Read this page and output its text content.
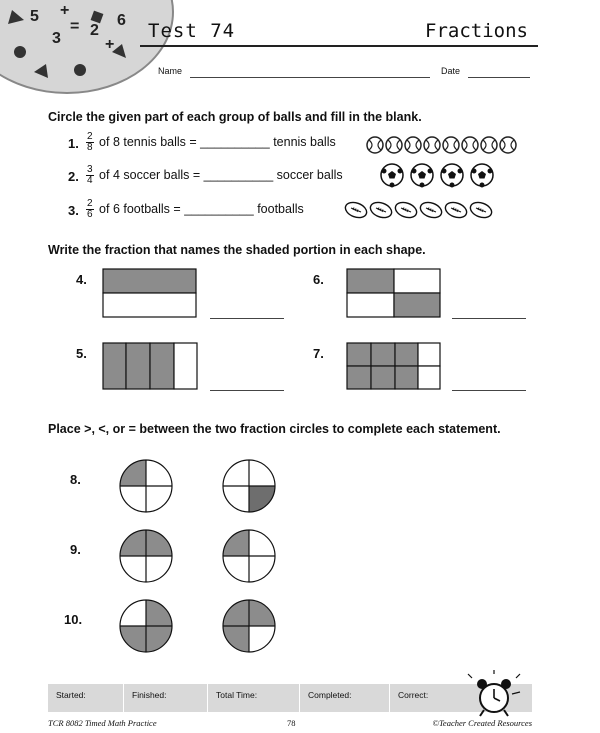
5 +
6
3
= 2
+
Test 74	Fractions
Name	Date
Circle the given part of each group of balls and fill in the blank.
1. $\frac{2}{8}$ of 8 tennis balls = __________ tennis balls
2. $\frac{3}{4}$ of 4 soccer balls = __________ soccer balls
3. $\frac{2}{6}$ of 6 footballs = __________ footballs
Write the fraction that names the shaded portion in each shape.
4.	6.
5.	7.
Place >, <, or = between the two fraction circles to complete each statement.
8.
9.
10.
Started:	Finished:	Total Time:	Completed:	Correct:
TCR 8082 Timed Math Practice	78	©Teacher Created Resources
